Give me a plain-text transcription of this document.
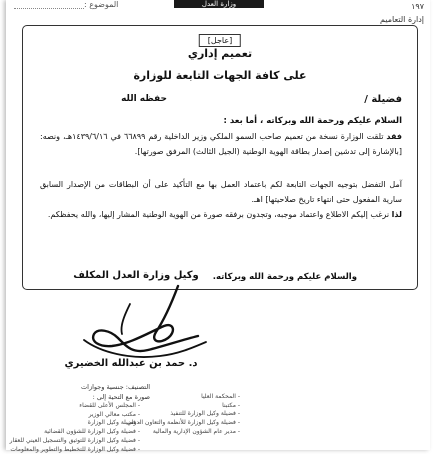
١٩٧
إدارة التعاميم
وزارة العدل
الموضوع :
[عاجل]
تعميم إداري
على كافة الجهات التابعة للوزارة
فضيلة /
حفظه الله
السلام عليكم ورحمة الله وبركاته ، أما بعد :
فقد تلقت الوزارة نسخة من تعميم صاحب السمو الملكي وزير الداخلية رقم ٦٦٨٩٩ في ١٤٣٩/٦/١٦هـ، ونصه: [بالإشارة إلى تدشين إصدار بطاقة الهوية الوطنية (الجيل الثالث) المرفق صورتها].
آمل التفضل بتوجيه الجهات التابعة لكم باعتماد العمل بها مع التأكيد على أن البطاقات من الإصدار السابق سارية المفعول حتى انتهاء تاريخ صلاحيتها] اهـ.
لذا نرغب إليكم الاطلاع واعتماد موجبه، وتجدون برفقه صورة من الهوية الوطنية المشار إليها، والله يحفظكم.
والسلام عليكم ورحمة الله وبركاته.
وكيل وزارة العدل المكلف
د. حمد بن عبدالله الخضيري
التصنيف: جنسية وجوازات
صورة مع التحية إلى :
- المجلس الأعلى للقضاء
- مكتب معالي الوزير
- فضيلة وكيل الوزارة
- فضيلة وكيل الوزارة للشؤون القضائية
- فضيلة وكيل الوزارة للتوثيق والتسجيل العيني للعقار
- فضيلة وكيل الوزارة للتخطيط والتطوير والمعلومات
- المحكمة العليا
- مكتبنا
- فضيلة وكيل الوزارة للتنفيذ
- فضيلة وكيل الوزارة للأنظمة والتعاون الدولي
- مدير عام الشؤون الإدارية والمالية
